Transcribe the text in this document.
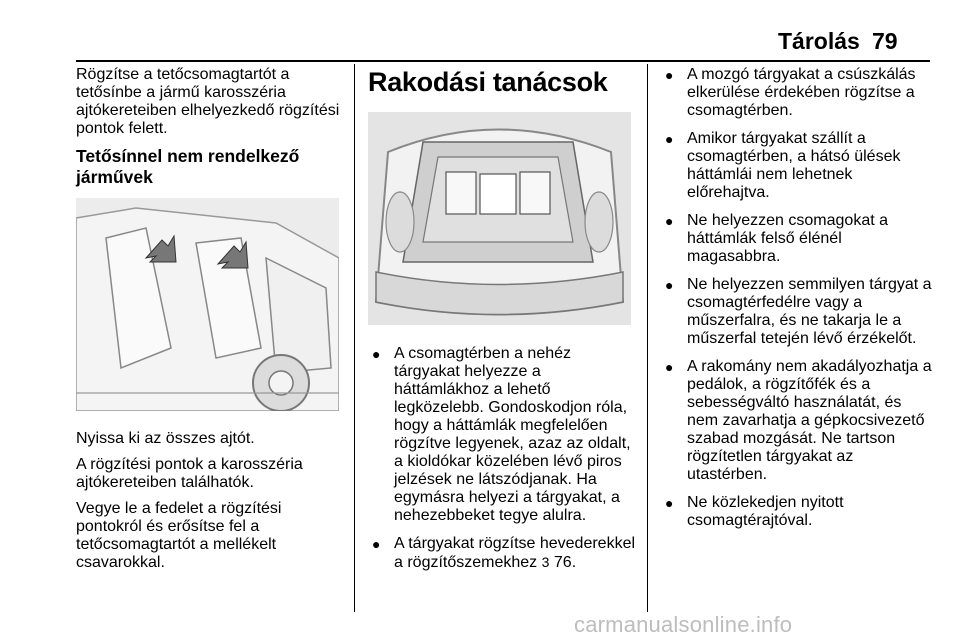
Tárolás 79

Rögzítse a tetőcsomagtartót a tetősínbe a jármű karosszéria ajtókereteiben elhelyezkedő rögzítési pontok felett.

Tetősínnel nem rendelkező járművek

Nyissa ki az összes ajtót.

A rögzítési pontok a karosszéria ajtókereteiben találhatók.

Vegye le a fedelet a rögzítési pontokról és erősítse fel a tetőcsomagtartót a mellékelt csavarokkal.

Rakodási tanácsok
● A csomagtérben a nehéz tárgyakat helyezze a háttámlákhoz a lehető legközelebb. Gondoskodjon róla, hogy a háttámlák megfelelően rögzítve legyenek, azaz az oldalt, a kioldókar közelében lévő piros jelzések ne látszódjanak. Ha egymásra helyezi a tárgyakat, a nehezebbeket tegye alulra.
● A tárgyakat rögzítse hevederekkel a rögzítőszemekhez 3 76.
● A mozgó tárgyakat a csúszkálás elkerülése érdekében rögzítse a csomagtérben.
● Amikor tárgyakat szállít a csomagtérben, a hátsó ülések háttámlái nem lehetnek előrehajtva.
● Ne helyezzen csomagokat a háttámlák felső élénél magasabbra.
● Ne helyezzen semmilyen tárgyat a csomagtérfedélre vagy a műszerfalra, és ne takarja le a műszerfal tetején lévő érzékelőt.
● A rakomány nem akadályozhatja a pedálok, a rögzítőfék és a sebességváltó használatát, és nem zavarhatja a gépkocsivezető szabad mozgását. Ne tartson rögzítetlen tárgyakat az utastérben.
● Ne közlekedjen nyitott csomagtérajtóval.
carmanualsonline.info
